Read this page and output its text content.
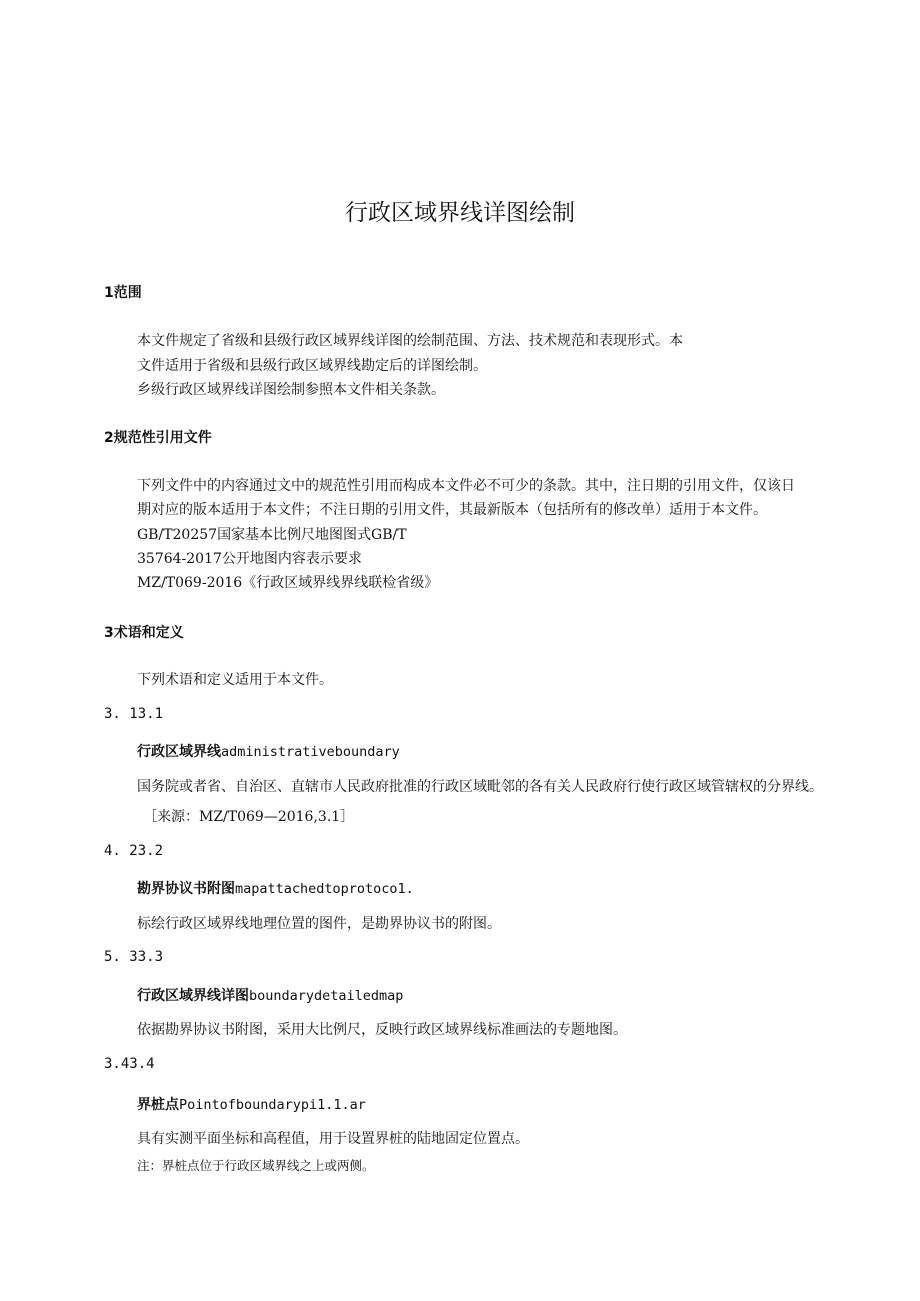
行政区域界线详图绘制
1范围
本文件规定了省级和县级行政区域界线详图的绘制范围、方法、技术规范和表现形式。本
文件适用于省级和县级行政区域界线勘定后的详图绘制。
乡级行政区域界线详图绘制参照本文件相关条款。
2规范性引用文件
下列文件中的内容通过文中的规范性引用而构成本文件必不可少的条款。其中，注日期的引用文件，仅该日
期对应的版本适用于本文件；不注日期的引用文件，其最新版本（包括所有的修改单）适用于本文件。
GB/T20257国家基本比例尺地图图式GB/T
35764-2017公开地图内容表示要求
MZ/T069-2016《行政区域界线界线联检省级》
3术语和定义
下列术语和定义适用于本文件。
3. 13.1
行政区域界线administrativeboundary
国务院或者省、自治区、直辖市人民政府批准的行政区域毗邻的各有关人民政府行使行政区域管辖权的分界线。
［来源：MZ/T069—2016,3.1］
4. 23.2
勘界协议书附图mapattachedtoprotoco1.
标绘行政区域界线地理位置的图件，是勘界协议书的附图。
5. 33.3
行政区域界线详图boundarydetailedmap
依据勘界协议书附图，采用大比例尺，反映行政区域界线标准画法的专题地图。
3.43.4
界桩点Pointofboundarypi1.1.ar
具有实测平面坐标和高程值，用于设置界桩的陆地固定位置点。
注：界桩点位于行政区域界线之上或两侧。
